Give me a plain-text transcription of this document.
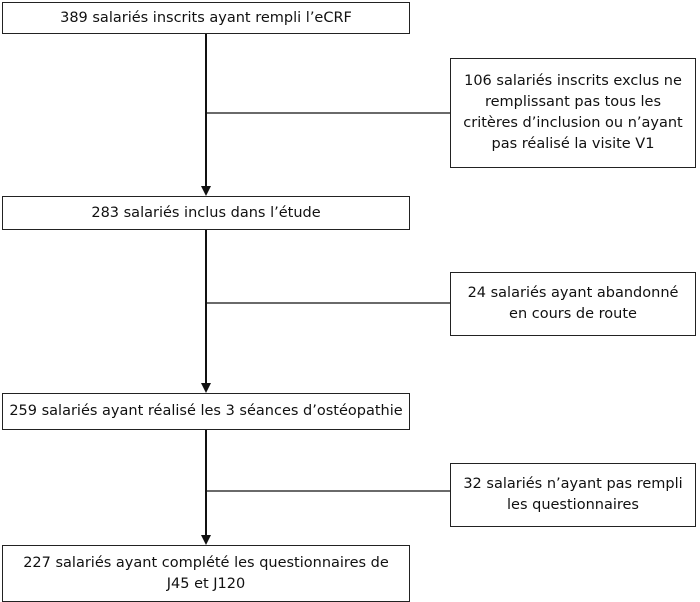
389 salariés inscrits ayant rempli l’eCRF
106 salariés inscrits exclus ne
remplissant pas tous les
critères d’inclusion ou n’ayant
pas réalisé la visite V1
283 salariés inclus dans l’étude
24 salariés ayant abandonné
en cours de route
259 salariés ayant réalisé les 3 séances d’ostéopathie
32 salariés n’ayant pas rempli
les questionnaires
227 salariés ayant complété les questionnaires de
J45 et J120
